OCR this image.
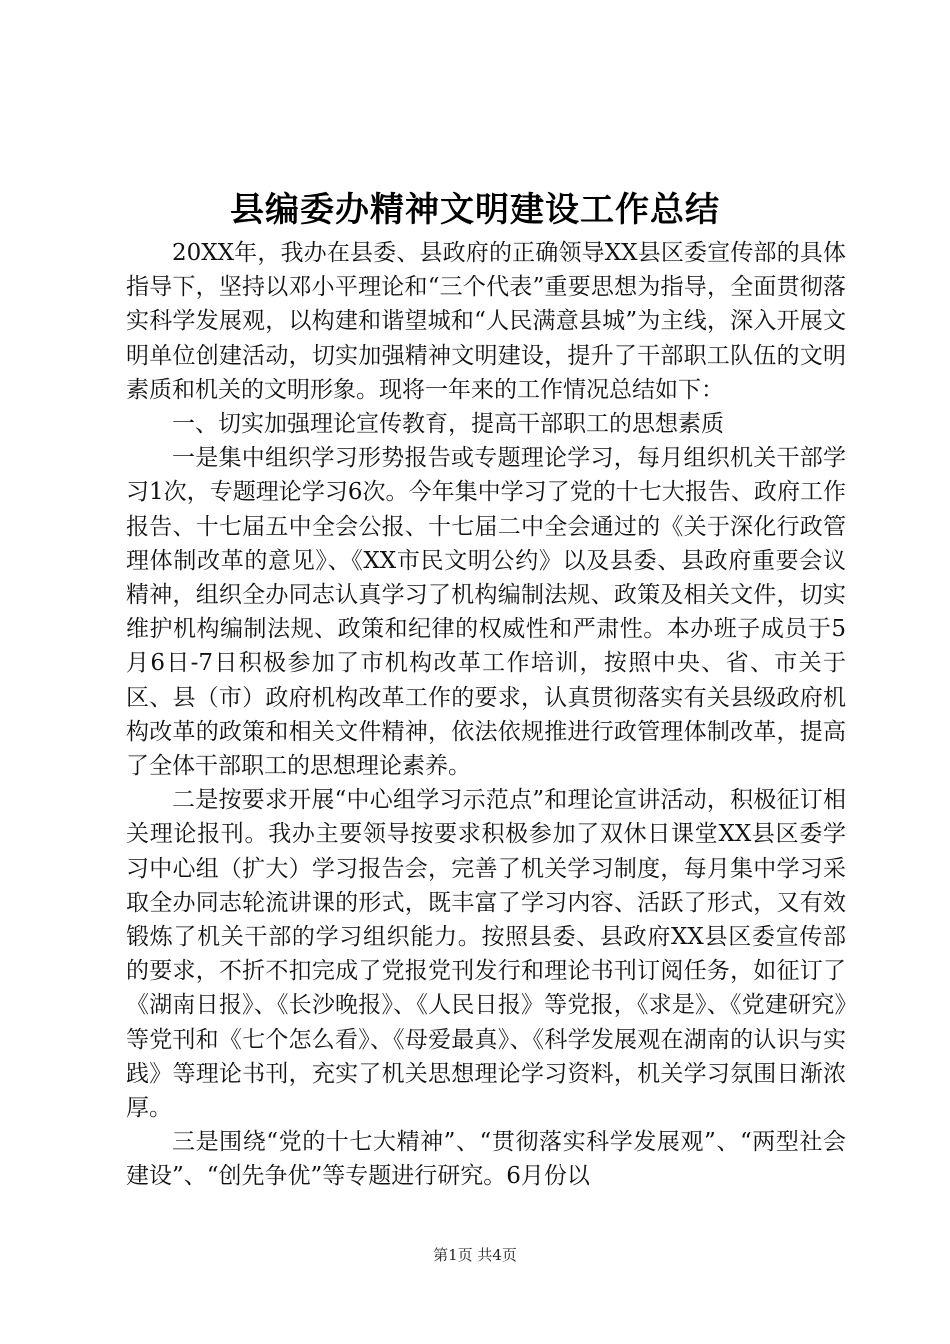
县编委办精神文明建设工作总结

20XX年，我办在县委、县政府的正确领导XX县区委宣传部的具体指导下，坚持以邓小平理论和“三个代表”重要思想为指导，全面贯彻落实科学发展观，以构建和谐望城和“人民满意县城”为主线，深入开展文明单位创建活动，切实加强精神文明建设，提升了干部职工队伍的文明素质和机关的文明形象。现将一年来的工作情况总结如下：

一、切实加强理论宣传教育，提高干部职工的思想素质

一是集中组织学习形势报告或专题理论学习，每月组织机关干部学习1次，专题理论学习6次。今年集中学习了党的十七大报告、政府工作报告、十七届五中全会公报、十七届二中全会通过的《关于深化行政管理体制改革的意见》、《XX市民文明公约》以及县委、县政府重要会议精神，组织全办同志认真学习了机构编制法规、政策及相关文件，切实维护机构编制法规、政策和纪律的权威性和严肃性。本办班子成员于5月6日-7日积极参加了市机构改革工作培训，按照中央、省、市关于区、县（市）政府机构改革工作的要求，认真贯彻落实有关县级政府机构改革的政策和相关文件精神，依法依规推进行政管理体制改革，提高了全体干部职工的思想理论素养。

二是按要求开展“中心组学习示范点”和理论宣讲活动，积极征订相关理论报刊。我办主要领导按要求积极参加了双休日课堂XX县区委学习中心组（扩大）学习报告会，完善了机关学习制度，每月集中学习采取全办同志轮流讲课的形式，既丰富了学习内容、活跃了形式，又有效锻炼了机关干部的学习组织能力。按照县委、县政府XX县区委宣传部的要求，不折不扣完成了党报党刊发行和理论书刊订阅任务，如征订了《湖南日报》、《长沙晚报》、《人民日报》等党报，《求是》、《党建研究》等党刊和《七个怎么看》、《母爱最真》、《科学发展观在湖南的认识与实践》等理论书刊，充实了机关思想理论学习资料，机关学习氛围日渐浓厚。

三是围绕“党的十七大精神”、“贯彻落实科学发展观”、“两型社会建设”、“创先争优”等专题进行研究。6月份以

第1页 共4页
